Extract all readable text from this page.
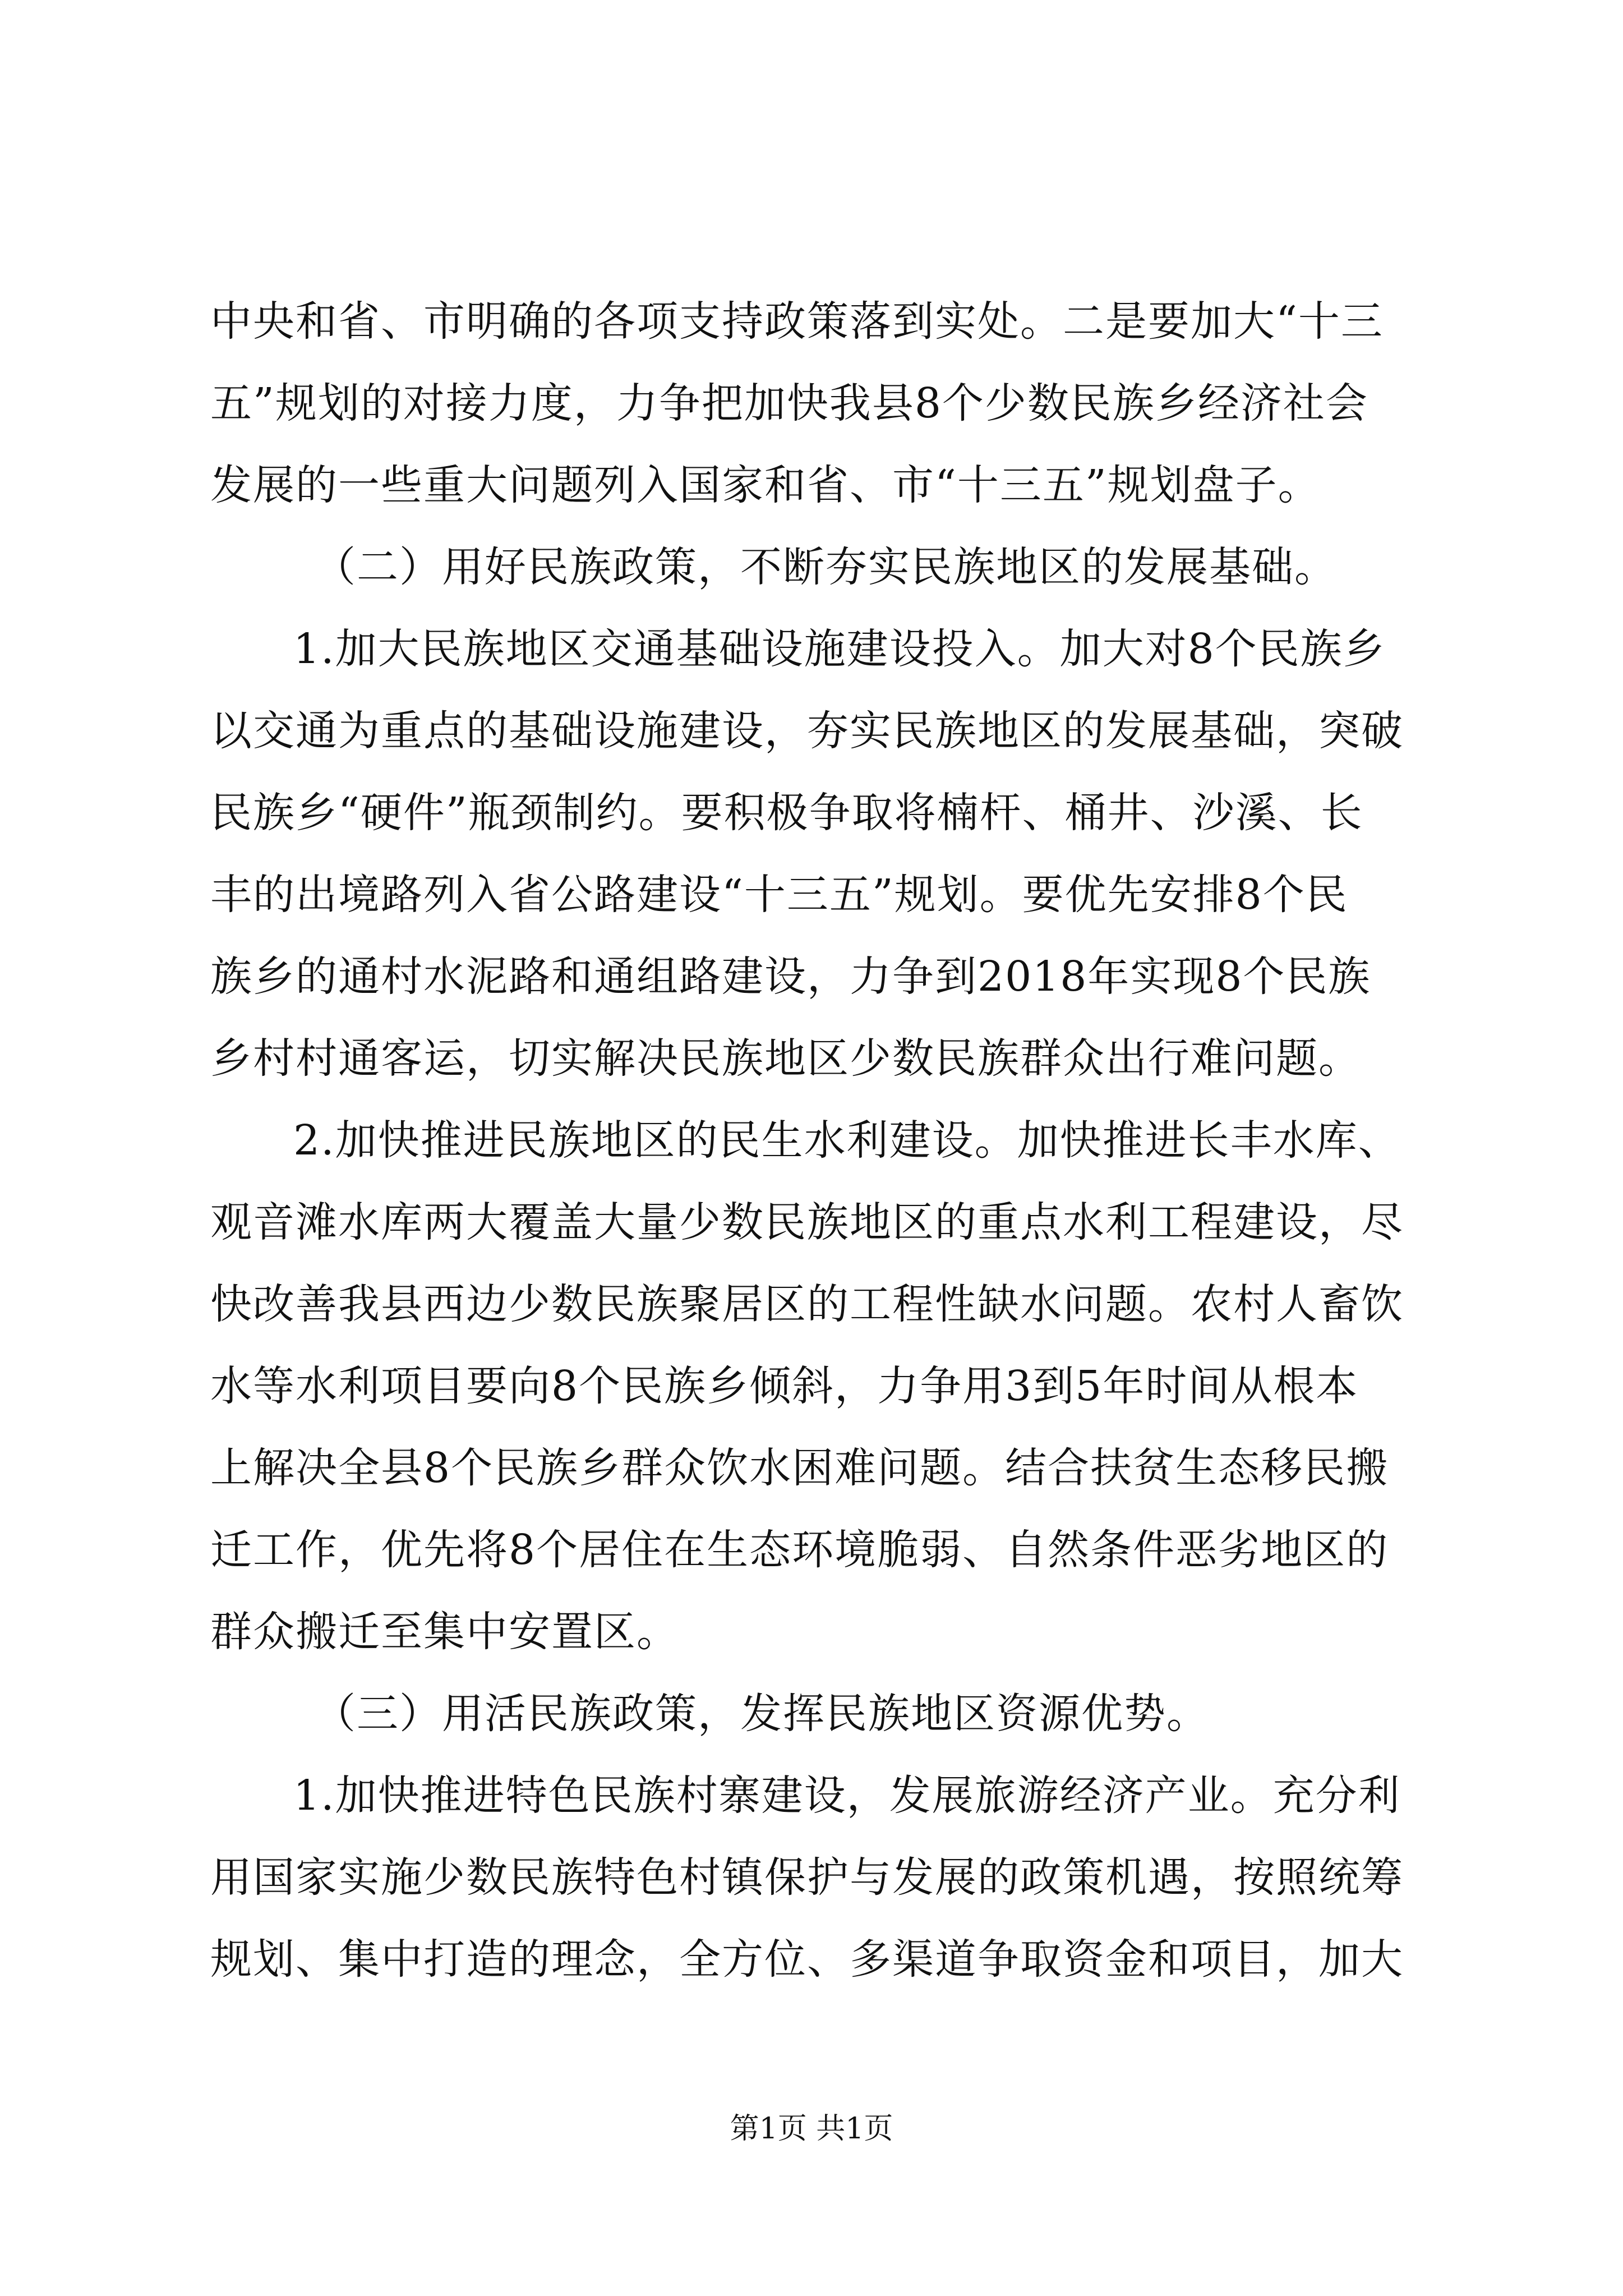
中央和省、市明确的各项支持政策落到实处。二是要加大“十三
五”规划的对接力度，力争把加快我县8个少数民族乡经济社会
发展的一些重大问题列入国家和省、市“十三五”规划盘子。
（二）用好民族政策，不断夯实民族地区的发展基础。
1.加大民族地区交通基础设施建设投入。加大对8个民族乡
以交通为重点的基础设施建设，夯实民族地区的发展基础，突破
民族乡“硬件”瓶颈制约。要积极争取将楠杆、桶井、沙溪、长
丰的出境路列入省公路建设“十三五”规划。要优先安排8个民
族乡的通村水泥路和通组路建设，力争到2018年实现8个民族
乡村村通客运，切实解决民族地区少数民族群众出行难问题。
2.加快推进民族地区的民生水利建设。加快推进长丰水库、
观音滩水库两大覆盖大量少数民族地区的重点水利工程建设，尽
快改善我县西边少数民族聚居区的工程性缺水问题。农村人畜饮
水等水利项目要向8个民族乡倾斜，力争用3到5年时间从根本
上解决全县8个民族乡群众饮水困难问题。结合扶贫生态移民搬
迁工作，优先将8个居住在生态环境脆弱、自然条件恶劣地区的
群众搬迁至集中安置区。
（三）用活民族政策，发挥民族地区资源优势。
1.加快推进特色民族村寨建设，发展旅游经济产业。充分利
用国家实施少数民族特色村镇保护与发展的政策机遇，按照统筹
规划、集中打造的理念，全方位、多渠道争取资金和项目，加大
第1页 共1页
